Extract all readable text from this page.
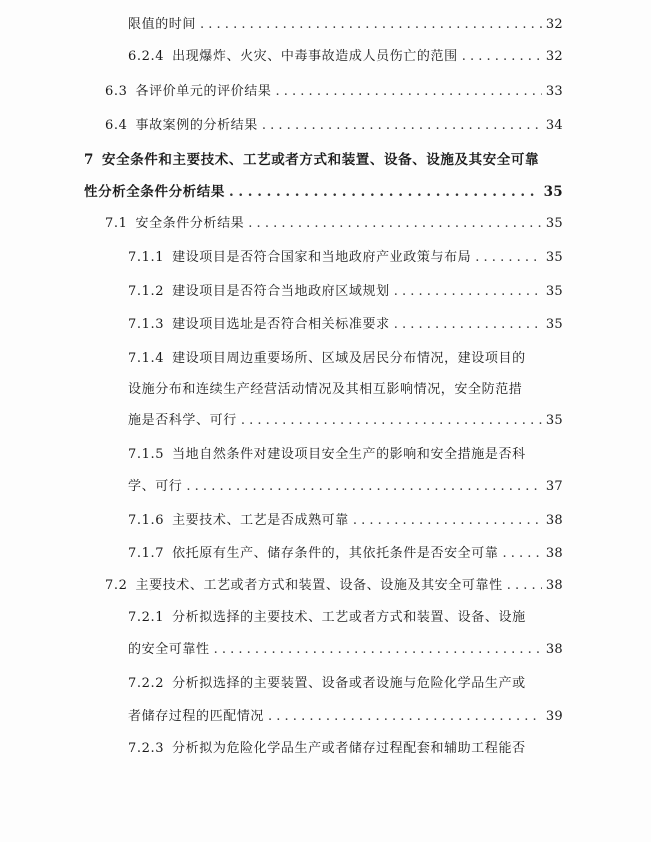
限值的时间 . . .	32
6.2.4 出现爆炸、火灾、中毒事故造成人员伤亡的范围 . . .	32
6.3 各评价单元的评价结果 . . .	33
6.4 事故案例的分析结果 . . .	34
7 安全条件和主要技术、工艺或者方式和装置、设备、设施及其安全可靠
性分析全条件分析结果 . . .	35
7.1 安全条件分析结果 . . .	35
7.1.1 建设项目是否符合国家和当地政府产业政策与布局 . . .	35
7.1.2 建设项目是否符合当地政府区域规划 . . .	35
7.1.3 建设项目选址是否符合相关标准要求 . . .	35
7.1.4 建设项目周边重要场所、区域及居民分布情况，建设项目的
设施分布和连续生产经营活动情况及其相互影响情况，安全防范措
施是否科学、可行 . . .	35
7.1.5 当地自然条件对建设项目安全生产的影响和安全措施是否科
学、可行 . . .	37
7.1.6 主要技术、工艺是否成熟可靠 . . .	38
7.1.7 依托原有生产、储存条件的，其依托条件是否安全可靠 . . .	38
7.2 主要技术、工艺或者方式和装置、设备、设施及其安全可靠性 . . .	38
7.2.1 分析拟选择的主要技术、工艺或者方式和装置、设备、设施
的安全可靠性 . . .	38
7.2.2 分析拟选择的主要装置、设备或者设施与危险化学品生产或
者储存过程的匹配情况 . . .	39
7.2.3 分析拟为危险化学品生产或者储存过程配套和辅助工程能否
